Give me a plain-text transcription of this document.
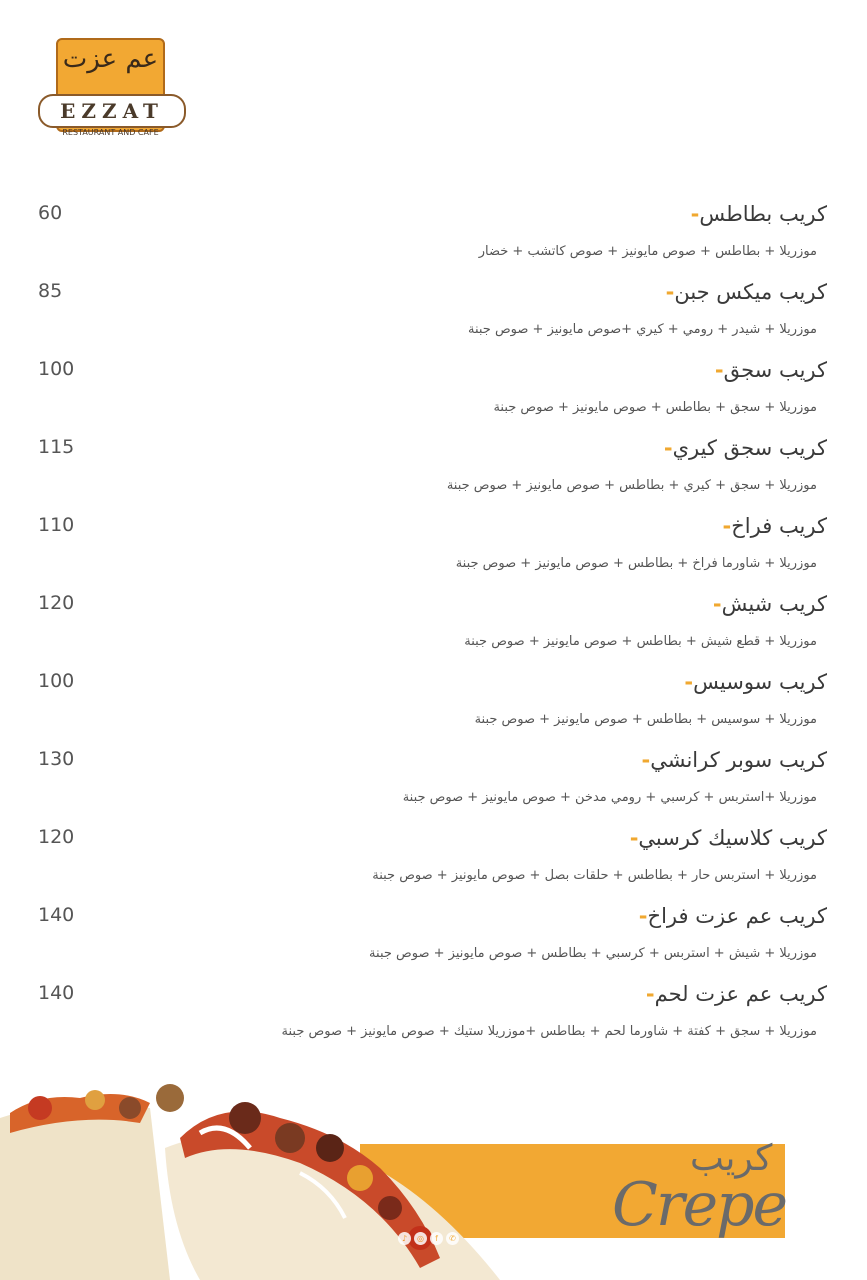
عم عزت
EZZAT
RESTAURANT AND CAFE
كريب بطاطس-
60
موزريلا + بطاطس + صوص مايونيز + صوص كاتشب + خضار
كريب ميكس جبن-
85
موزريلا + شيدر + رومي + كيري +صوص مايونيز + صوص جبنة
كريب سجق-
100
موزريلا + سجق + بطاطس + صوص مايونيز + صوص جبنة
كريب سجق كيري-
115
موزريلا + سجق + كيري + بطاطس + صوص مايونيز + صوص جبنة
كريب فراخ-
110
موزريلا + شاورما فراخ + بطاطس + صوص مايونيز + صوص جبنة
كريب شيش-
120
موزريلا + قطع شيش + بطاطس + صوص مايونيز + صوص جبنة
كريب سوسيس-
100
موزريلا + سوسيس + بطاطس + صوص مايونيز + صوص جبنة
كريب سوبر كرانشي-
130
موزريلا +استربس + كرسبي + رومي مدخن + صوص مايونيز + صوص جبنة
كريب كلاسيك كرسبي-
120
موزريلا + استربس حار + بطاطس + حلقات بصل + صوص مايونيز + صوص جبنة
كريب عم عزت فراخ-
140
موزريلا + شيش + استربس + كرسبي + بطاطس + صوص مايونيز + صوص جبنة
كريب عم عزت لحم-
140
موزريلا + سجق + كفتة + شاورما لحم + بطاطس +موزريلا ستيك + صوص مايونيز + صوص جبنة
كريب
Crepe
♪ ◎ f ✆
